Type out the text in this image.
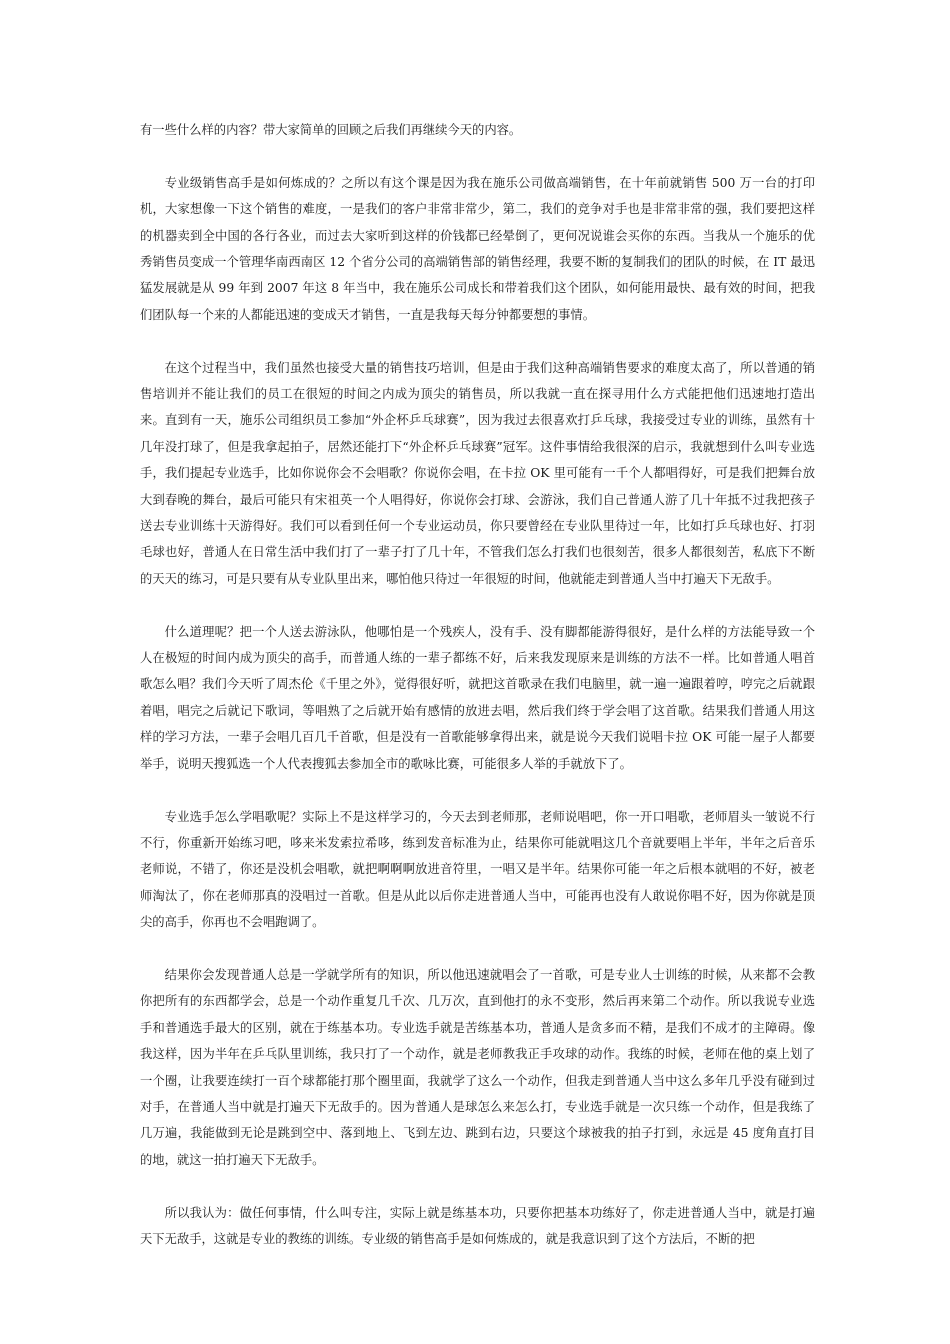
有一些什么样的内容？带大家简单的回顾之后我们再继续今天的内容。

专业级销售高手是如何炼成的？之所以有这个课是因为我在施乐公司做高端销售，在十年前就销售 500 万一台的打印机，大家想像一下这个销售的难度，一是我们的客户非常非常少，第二，我们的竞争对手也是非常非常的强，我们要把这样的机器卖到全中国的各行各业，而过去大家听到这样的价钱都已经晕倒了，更何况说谁会买你的东西。当我从一个施乐的优秀销售员变成一个管理华南西南区 12 个省分公司的高端销售部的销售经理，我要不断的复制我们的团队的时候，在 IT 最迅猛发展就是从 99 年到 2007 年这 8 年当中，我在施乐公司成长和带着我们这个团队，如何能用最快、最有效的时间，把我们团队每一个来的人都能迅速的变成天才销售，一直是我每天每分钟都要想的事情。

在这个过程当中，我们虽然也接受大量的销售技巧培训，但是由于我们这种高端销售要求的难度太高了，所以普通的销售培训并不能让我们的员工在很短的时间之内成为顶尖的销售员，所以我就一直在探寻用什么方式能把他们迅速地打造出来。直到有一天，施乐公司组织员工参加“外企杯乒乓球赛”，因为我过去很喜欢打乒乓球，我接受过专业的训练，虽然有十几年没打球了，但是我拿起拍子，居然还能打下“外企杯乒乓球赛”冠军。这件事情给我很深的启示，我就想到什么叫专业选手，我们提起专业选手，比如你说你会不会唱歌？你说你会唱，在卡拉 OK 里可能有一千个人都唱得好，可是我们把舞台放大到春晚的舞台，最后可能只有宋祖英一个人唱得好，你说你会打球、会游泳，我们自己普通人游了几十年抵不过我把孩子送去专业训练十天游得好。我们可以看到任何一个专业运动员，你只要曾经在专业队里待过一年，比如打乒乓球也好、打羽毛球也好，普通人在日常生活中我们打了一辈子打了几十年，不管我们怎么打我们也很刻苦，很多人都很刻苦，私底下不断的天天的练习，可是只要有从专业队里出来，哪怕他只待过一年很短的时间，他就能走到普通人当中打遍天下无敌手。

什么道理呢？把一个人送去游泳队，他哪怕是一个残疾人，没有手、没有脚都能游得很好，是什么样的方法能导致一个人在极短的时间内成为顶尖的高手，而普通人练的一辈子都练不好，后来我发现原来是训练的方法不一样。比如普通人唱首歌怎么唱？我们今天听了周杰伦《千里之外》，觉得很好听，就把这首歌录在我们电脑里，就一遍一遍跟着哼，哼完之后就跟着唱，唱完之后就记下歌词，等唱熟了之后就开始有感情的放进去唱，然后我们终于学会唱了这首歌。结果我们普通人用这样的学习方法，一辈子会唱几百几千首歌，但是没有一首歌能够拿得出来，就是说今天我们说唱卡拉 OK 可能一屋子人都要举手，说明天搜狐选一个人代表搜狐去参加全市的歌咏比赛，可能很多人举的手就放下了。

专业选手怎么学唱歌呢？实际上不是这样学习的，今天去到老师那，老师说唱吧，你一开口唱歌，老师眉头一皱说不行不行，你重新开始练习吧，哆来米发索拉希哆，练到发音标准为止，结果你可能就唱这几个音就要唱上半年，半年之后音乐老师说，不错了，你还是没机会唱歌，就把啊啊啊放进音符里，一唱又是半年。结果你可能一年之后根本就唱的不好，被老师淘汰了，你在老师那真的没唱过一首歌。但是从此以后你走进普通人当中，可能再也没有人敢说你唱不好，因为你就是顶尖的高手，你再也不会唱跑调了。

结果你会发现普通人总是一学就学所有的知识，所以他迅速就唱会了一首歌，可是专业人士训练的时候，从来都不会教你把所有的东西都学会，总是一个动作重复几千次、几万次，直到他打的永不变形，然后再来第二个动作。所以我说专业选手和普通选手最大的区别，就在于练基本功。专业选手就是苦练基本功，普通人是贪多而不精，是我们不成才的主障碍。像我这样，因为半年在乒乓队里训练，我只打了一个动作，就是老师教我正手攻球的动作。我练的时候，老师在他的桌上划了一个圈，让我要连续打一百个球都能打那个圈里面，我就学了这么一个动作，但我走到普通人当中这么多年几乎没有碰到过对手，在普通人当中就是打遍天下无敌手的。因为普通人是球怎么来怎么打，专业选手就是一次只练一个动作，但是我练了几万遍，我能做到无论是跳到空中、落到地上、飞到左边、跳到右边，只要这个球被我的拍子打到，永远是 45 度角直打目的地，就这一拍打遍天下无敌手。

所以我认为：做任何事情，什么叫专注，实际上就是练基本功，只要你把基本功练好了，你走进普通人当中，就是打遍天下无敌手，这就是专业的教练的训练。专业级的销售高手是如何炼成的，就是我意识到了这个方法后，不断的把
